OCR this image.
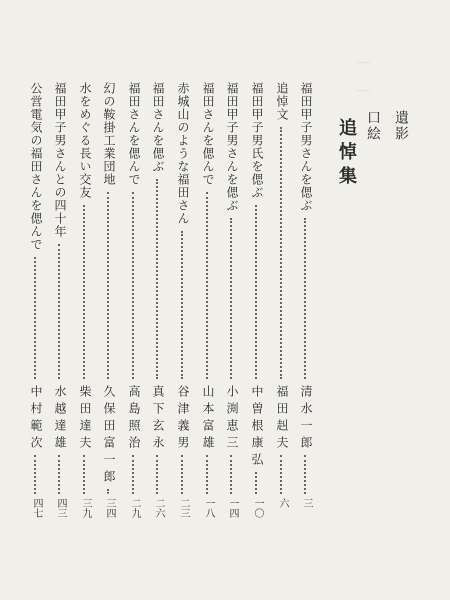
｜　｜
遺影
口絵
追悼集
福田甲子男さんを偲ぶ
清水一郎
三
追悼文
福田赳夫
六
福田甲子男氏を偲ぶ
中曽根康弘
一〇
福田甲子男さんを偲ぶ
小渕恵三
一四
福田さんを偲んで
山本富雄
一八
赤城山のような福田さん
谷津義男
二三
福田さんを偲ぶ
真下玄永
二六
福田さんを偲んで
高島照治
二九
幻の鞍掛工業団地
久保田富一郎
三四
水をめぐる長い交友
柴田達夫
三九
福田甲子男さんとの四十年
水越達雄
四三
公営電気の福田さんを偲んで
中村範次
四七
